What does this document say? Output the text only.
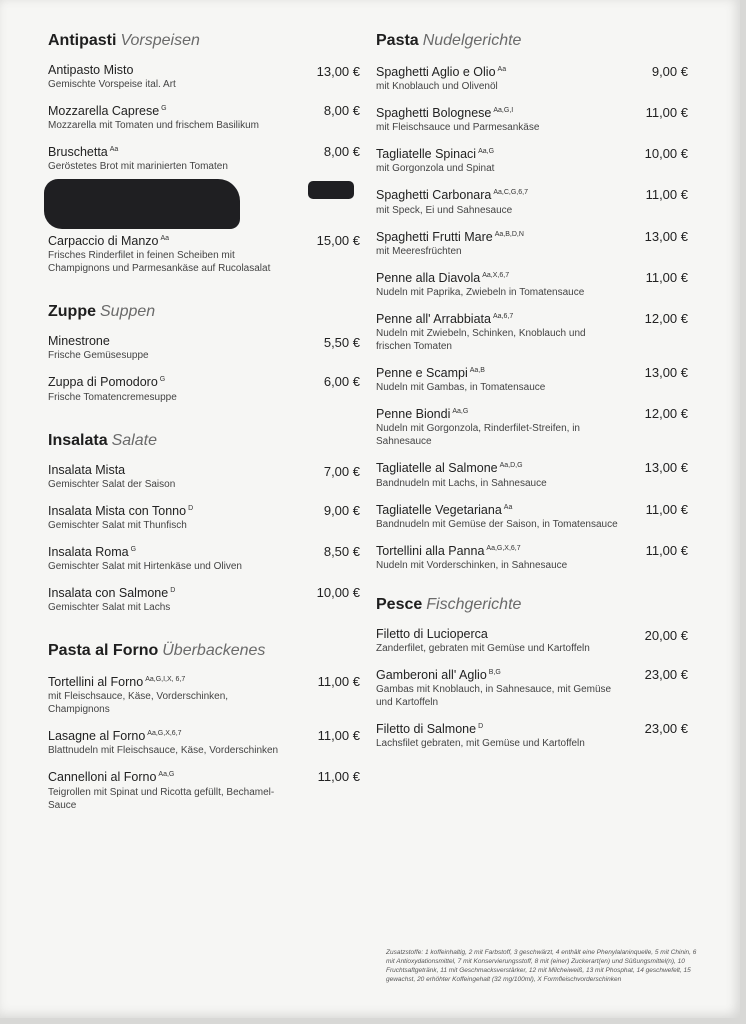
Antipasti Vorspeisen
Antipasto Misto
Gemischte Vorspeise ital. Art
13,00 €
Mozzarella Caprese $^G$
Mozzarella mit Tomaten und frischem Basilikum
8,00 €
Bruschetta $^{Aa}$
Geröstetes Brot mit marinierten Tomaten
8,00 €
Carpaccio di Manzo $^{Aa}$
Frisches Rinderfilet in feinen Scheiben mit Champignons und Parmesankäse auf Rucolasalat
15,00 €
Zuppe Suppen
Minestrone
Frische Gemüsesuppe
5,50 €
Zuppa di Pomodoro $^G$
Frische Tomatencremesuppe
6,00 €
Insalata Salate
Insalata Mista
Gemischter Salat der Saison
7,00 €
Insalata Mista con Tonno $^D$
Gemischter Salat mit Thunfisch
9,00 €
Insalata Roma $^G$
Gemischter Salat mit Hirtenkäse und Oliven
8,50 €
Insalata con Salmone $^D$
Gemischter Salat mit Lachs
10,00 €
Pasta al Forno Überbackenes
Tortellini al Forno $^{Aa,G,I,X, 6,7}$
mit Fleischsauce, Käse, Vorderschinken, Champignons
11,00 €
Lasagne al Forno $^{Aa,G,X,6,7}$
Blattnudeln mit Fleischsauce, Käse, Vorderschinken
11,00 €
Cannelloni al Forno $^{Aa,G}$
Teigrollen mit Spinat und Ricotta gefüllt, Bechamel-Sauce
11,00 €
Pasta Nudelgerichte
Spaghetti Aglio e Olio $^{Aa}$
mit Knoblauch und Olivenöl
9,00 €
Spaghetti Bolognese $^{Aa,G,I}$
mit Fleischsauce und Parmesankäse
11,00 €
Tagliatelle Spinaci $^{Aa,G}$
mit Gorgonzola und Spinat
10,00 €
Spaghetti Carbonara $^{Aa,C,G,6,7}$
mit Speck, Ei und Sahnesauce
11,00 €
Spaghetti Frutti Mare $^{Aa,B,D,N}$
mit Meeresfrüchten
13,00 €
Penne alla Diavola $^{Aa,X,6,7}$
Nudeln mit Paprika, Zwiebeln in Tomatensauce
11,00 €
Penne all' Arrabbiata $^{Aa,6,7}$
Nudeln mit Zwiebeln, Schinken, Knoblauch und frischen Tomaten
12,00 €
Penne e Scampi $^{Aa,B}$
Nudeln mit Gambas, in Tomatensauce
13,00 €
Penne Biondi $^{Aa,G}$
Nudeln mit Gorgonzola, Rinderfilet-Streifen, in Sahnesauce
12,00 €
Tagliatelle al Salmone $^{Aa,D,G}$
Bandnudeln mit Lachs, in Sahnesauce
13,00 €
Tagliatelle Vegetariana $^{Aa}$
Bandnudeln mit Gemüse der Saison, in Tomatensauce
11,00 €
Tortellini alla Panna $^{Aa,G,X,6,7}$
Nudeln mit Vorderschinken, in Sahnesauce
11,00 €
Pesce Fischgerichte
Filetto di Lucioperca
Zanderfilet, gebraten mit Gemüse und Kartoffeln
20,00 €
Gamberoni all' Aglio $^{B,G}$
Gambas mit Knoblauch, in Sahnesauce, mit Gemüse und Kartoffeln
23,00 €
Filetto di Salmone $^D$
Lachsfilet gebraten, mit Gemüse und Kartoffeln
23,00 €
Zusatzstoffe: 1 koffeinhaltig, 2 mit Farbstoff, 3 geschwärzt, 4 enthält eine Phenylalaninquelle, 5 mit Chinin, 6 mit Antioxydationsmittel, 7 mit Konservierungsstoff, 8 mit (einer) Zuckerart(en) und Süßungsmittel(n), 10 Fruchtsaftgetränk, 11 mit Geschmacksverstärker, 12 mit Milcheiweiß, 13 mit Phosphat, 14 geschwefelt, 15 gewachst, 20 erhöhter Koffeingehalt (32 mg/100ml), X Formfleischvorderschinken
